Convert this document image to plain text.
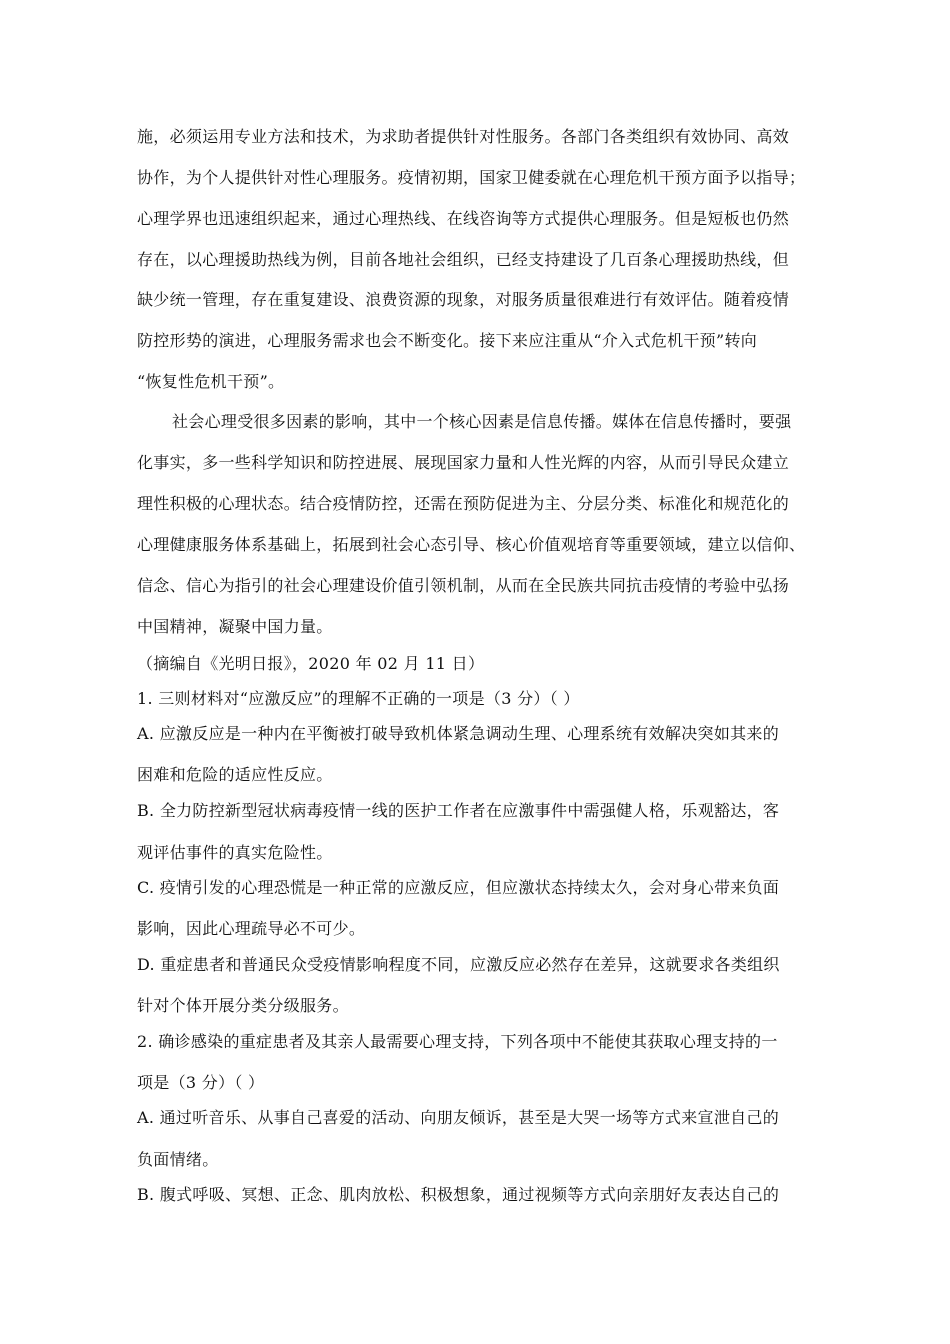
施，必须运用专业方法和技术，为求助者提供针对性服务。各部门各类组织有效协同、高效
协作，为个人提供针对性心理服务。疫情初期，国家卫健委就在心理危机干预方面予以指导；
心理学界也迅速组织起来，通过心理热线、在线咨询等方式提供心理服务。但是短板也仍然
存在，以心理援助热线为例，目前各地社会组织，已经支持建设了几百条心理援助热线，但
缺少统一管理，存在重复建设、浪费资源的现象，对服务质量很难进行有效评估。随着疫情
防控形势的演进，心理服务需求也会不断变化。接下来应注重从“介入式危机干预”转向
“恢复性危机干预”。
社会心理受很多因素的影响，其中一个核心因素是信息传播。媒体在信息传播时，要强
化事实，多一些科学知识和防控进展、展现国家力量和人性光辉的内容，从而引导民众建立
理性积极的心理状态。结合疫情防控，还需在预防促进为主、分层分类、标准化和规范化的
心理健康服务体系基础上，拓展到社会心态引导、核心价值观培育等重要领域，建立以信仰、
信念、信心为指引的社会心理建设价值引领机制，从而在全民族共同抗击疫情的考验中弘扬
中国精神，凝聚中国力量。
（摘编自《光明日报》，2020 年 02 月 11 日）
1. 三则材料对“应激反应”的理解不正确的一项是（3 分）（ ）
A. 应激反应是一种内在平衡被打破导致机体紧急调动生理、心理系统有效解决突如其来的
困难和危险的适应性反应。
B. 全力防控新型冠状病毒疫情一线的医护工作者在应激事件中需强健人格，乐观豁达，客
观评估事件的真实危险性。
C. 疫情引发的心理恐慌是一种正常的应激反应，但应激状态持续太久，会对身心带来负面
影响，因此心理疏导必不可少。
D. 重症患者和普通民众受疫情影响程度不同，应激反应必然存在差异，这就要求各类组织
针对个体开展分类分级服务。
2. 确诊感染的重症患者及其亲人最需要心理支持，下列各项中不能使其获取心理支持的一
项是（3 分）（ ）
A. 通过听音乐、从事自己喜爱的活动、向朋友倾诉，甚至是大哭一场等方式来宣泄自己的
负面情绪。
B. 腹式呼吸、冥想、正念、肌肉放松、积极想象，通过视频等方式向亲朋好友表达自己的
